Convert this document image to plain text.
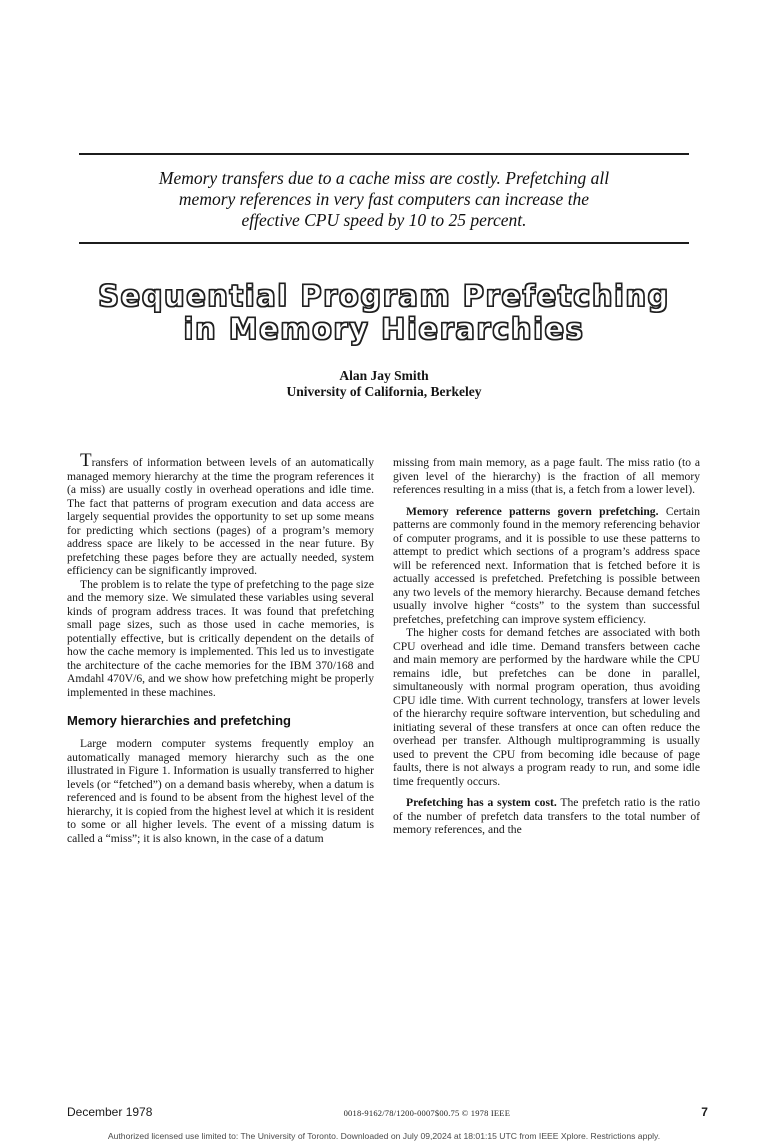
Memory transfers due to a cache miss are costly. Prefetching all
memory references in very fast computers can increase the
effective CPU speed by 10 to 25 percent.
Sequential Program Prefetching
in Memory Hierarchies
Alan Jay Smith
University of California, Berkeley

Transfers of information between levels of an automatically managed memory hierarchy at the time the program references it (a miss) are usually costly in overhead operations and idle time. The fact that patterns of program execution and data access are largely sequential provides the opportunity to set up some means for predicting which sections (pages) of a program’s memory address space are likely to be accessed in the near future. By prefetching these pages before they are actually needed, system efficiency can be significantly improved.

The problem is to relate the type of prefetching to the page size and the memory size. We simulated these variables using several kinds of program address traces. It was found that prefetching small page sizes, such as those used in cache memories, is potentially effective, but is critically dependent on the details of how the cache memory is implemented. This led us to investigate the architecture of the cache memories for the IBM 370/168 and Amdahl 470V/6, and we show how prefetching might be properly implemented in these machines.

Memory hierarchies and prefetching

Large modern computer systems frequently employ an automatically managed memory hierarchy such as the one illustrated in Figure 1. Information is usually transferred to higher levels (or “fetched”) on a demand basis whereby, when a datum is referenced and is found to be absent from the highest level of the hierarchy, it is copied from the highest level at which it is resident to some or all higher levels. The event of a missing datum is called a “miss”; it is also known, in the case of a datum

missing from main memory, as a page fault. The miss ratio (to a given level of the hierarchy) is the fraction of all memory references resulting in a miss (that is, a fetch from a lower level).

Memory reference patterns govern prefetching. Certain patterns are commonly found in the memory referencing behavior of computer programs, and it is possible to use these patterns to attempt to predict which sections of a program’s address space will be referenced next. Information that is fetched before it is actually accessed is prefetched. Prefetching is possible between any two levels of the memory hierarchy. Because demand fetches usually involve higher “costs” to the system than successful prefetches, prefetching can improve system efficiency.

The higher costs for demand fetches are associated with both CPU overhead and idle time. Demand transfers between cache and main memory are performed by the hardware while the CPU remains idle, but prefetches can be done in parallel, simultaneously with normal program operation, thus avoiding CPU idle time. With current technology, transfers at lower levels of the hierarchy require software intervention, but scheduling and initiating several of these transfers at once can often reduce the overhead per transfer. Although multiprogramming is usually used to prevent the CPU from becoming idle because of page faults, there is not always a program ready to run, and some idle time frequently occurs.

Prefetching has a system cost. The prefetch ratio is the ratio of the number of prefetch data transfers to the total number of memory references, and the

December 1978	0018-9162/78/1200-0007$00.75 © 1978 IEEE	7
Authorized licensed use limited to: The University of Toronto. Downloaded on July 09,2024 at 18:01:15 UTC from IEEE Xplore. Restrictions apply.
